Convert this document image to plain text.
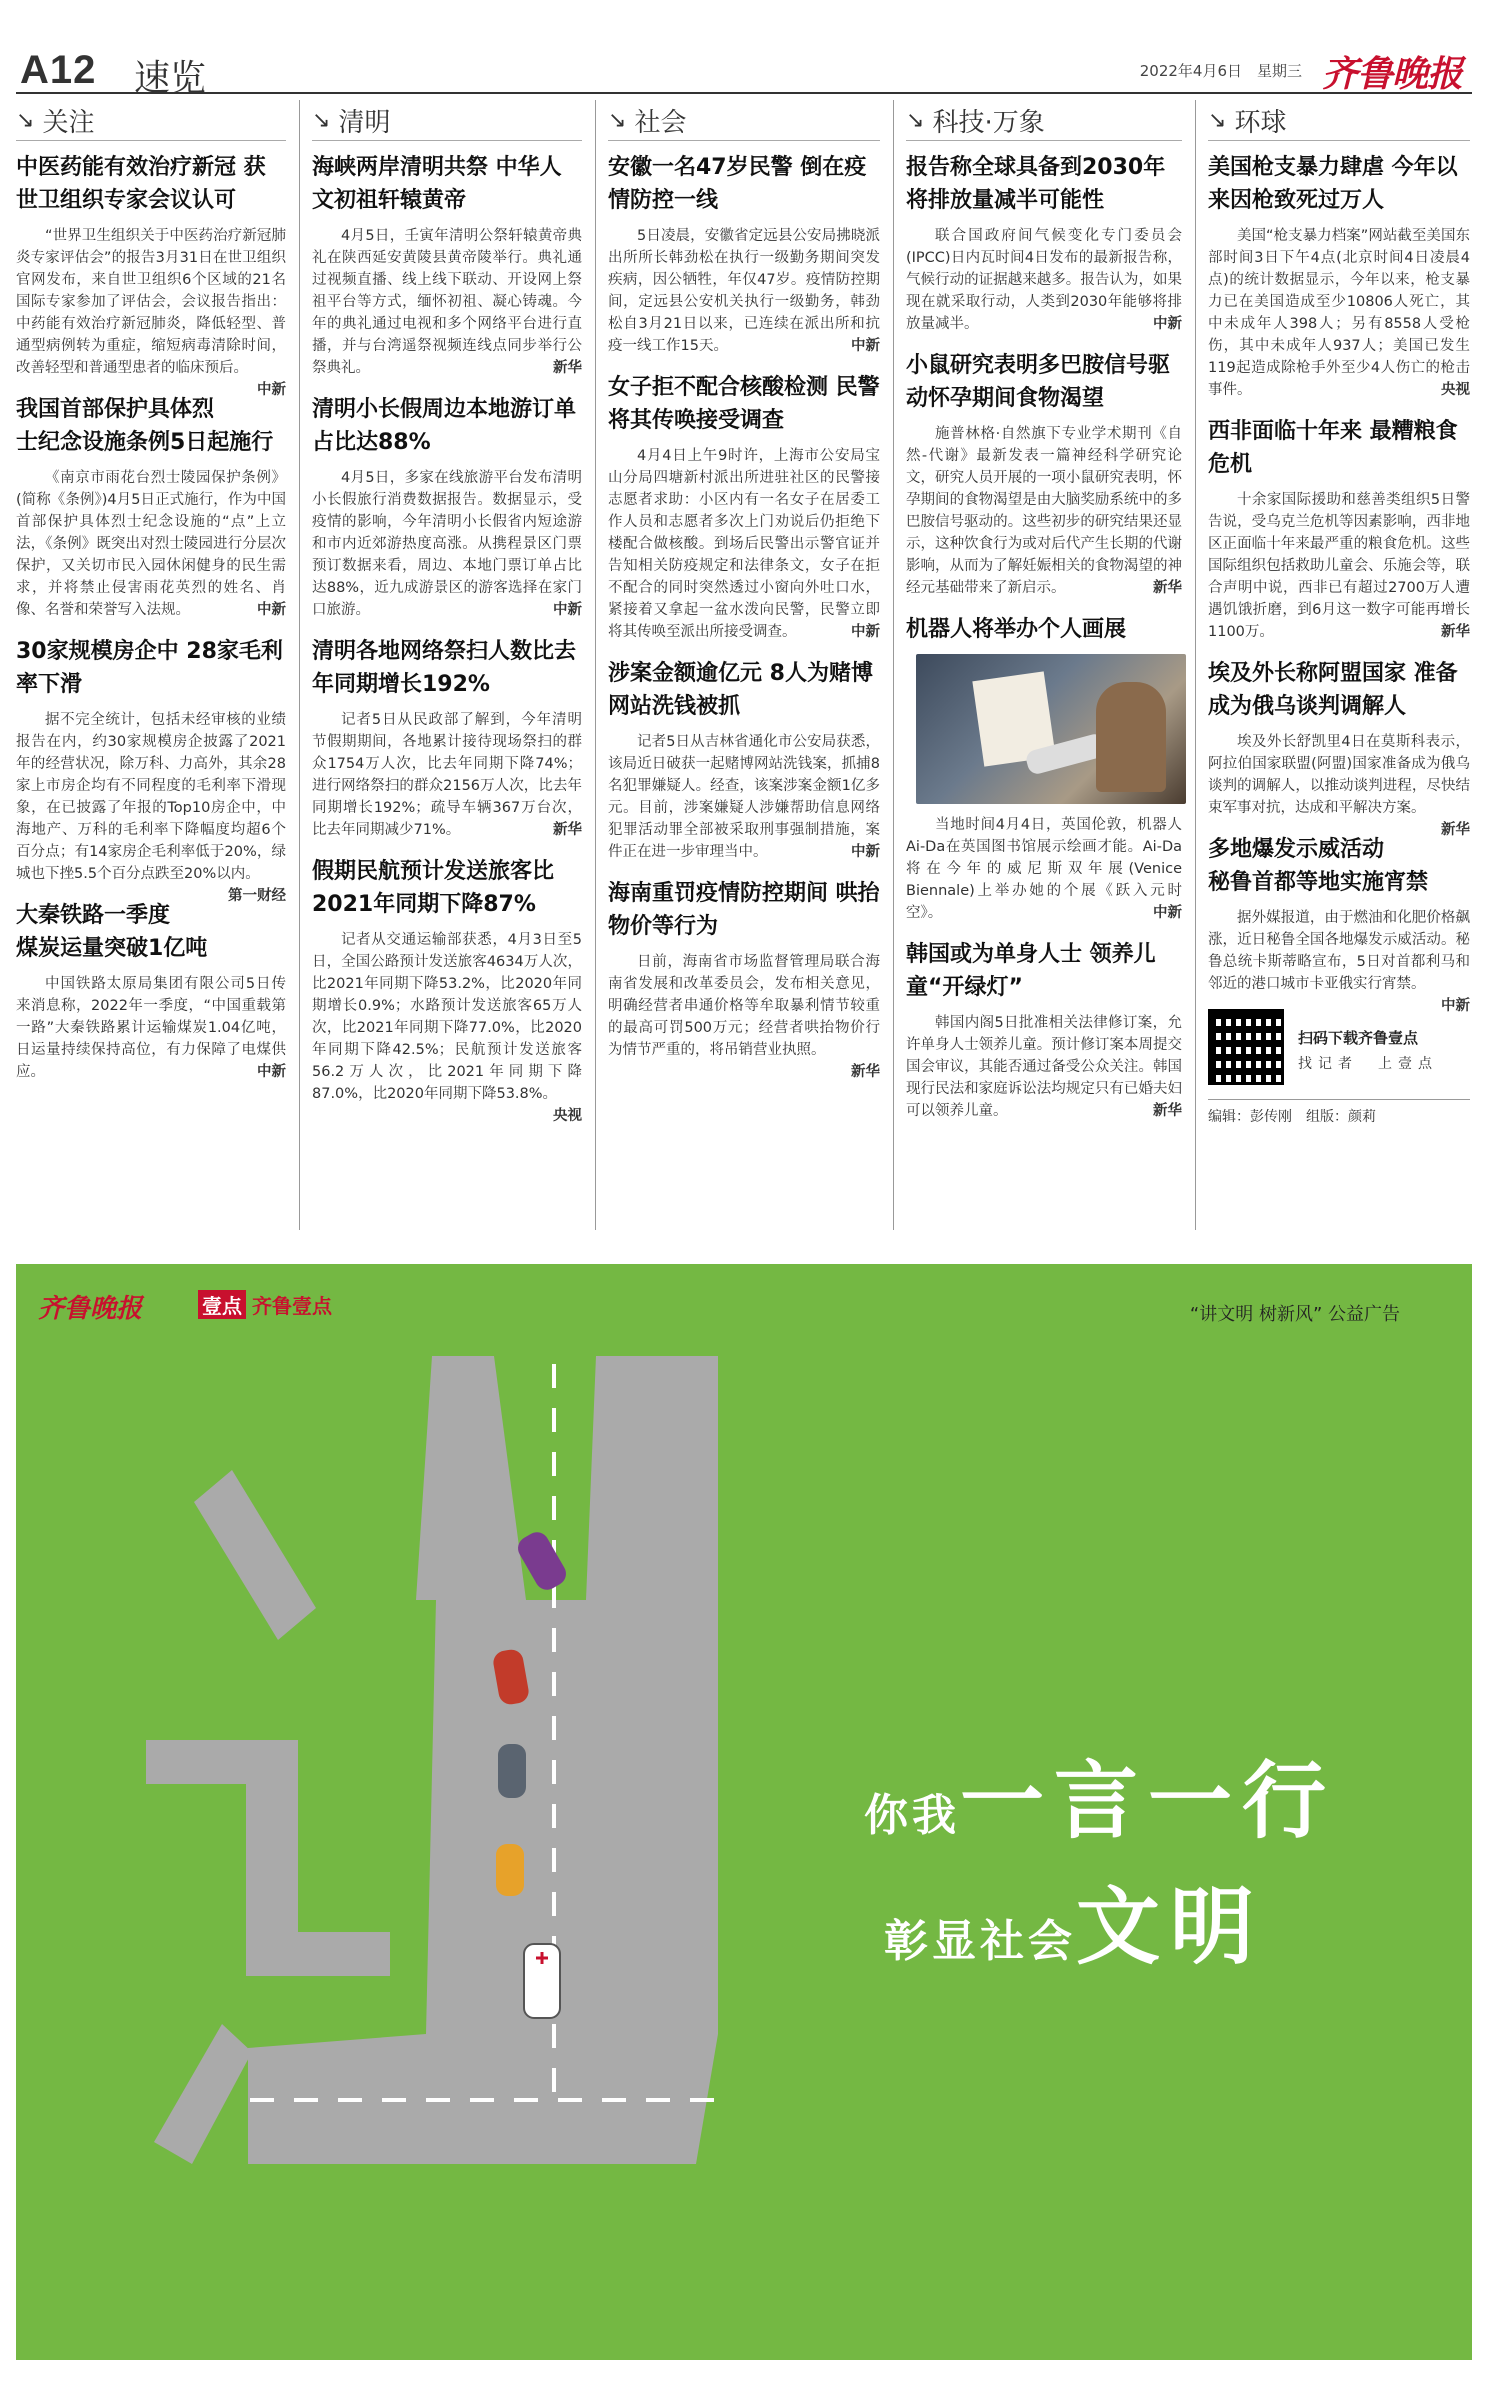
A12 速览	2022年4月6日　星期三 齐鲁晚报
↘ 关注
中医药能有效治疗新冠 获世卫组织专家会议认可

“世界卫生组织关于中医药治疗新冠肺炎专家评估会”的报告3月31日在世卫组织官网发布，来自世卫组织6个区域的21名国际专家参加了评估会，会议报告指出：中药能有效治疗新冠肺炎，降低轻型、普通型病例转为重症，缩短病毒清除时间，改善轻型和普通型患者的临床预后。
中新

我国首部保护具体烈士纪念设施条例5日起施行

《南京市雨花台烈士陵园保护条例》(简称《条例》)4月5日正式施行，作为中国首部保护具体烈士纪念设施的“点”上立法，《条例》既突出对烈士陵园进行分层次保护，又关切市民入园休闲健身的民生需求，并将禁止侵害雨花英烈的姓名、肖像、名誉和荣誉写入法规。	中新

30家规模房企中 28家毛利率下滑

据不完全统计，包括未经审核的业绩报告在内，约30家规模房企披露了2021年的经营状况，除万科、力高外，其余28家上市房企均有不同程度的毛利率下滑现象，在已披露了年报的Top10房企中，中海地产、万科的毛利率下降幅度均超6个百分点；有14家房企毛利率低于20%，绿城也下挫5.5个百分点跌至20%以内。
第一财经

大秦铁路一季度 煤炭运量突破1亿吨

中国铁路太原局集团有限公司5日传来消息称，2022年一季度，“中国重载第一路”大秦铁路累计运输煤炭1.04亿吨，日运量持续保持高位，有力保障了电煤供应。	中新

↘ 清明
海峡两岸清明共祭 中华人文初祖轩辕黄帝

4月5日，壬寅年清明公祭轩辕黄帝典礼在陕西延安黄陵县黄帝陵举行。典礼通过视频直播、线上线下联动、开设网上祭祖平台等方式，缅怀初祖、凝心铸魂。今年的典礼通过电视和多个网络平台进行直播，并与台湾遥祭视频连线点同步举行公祭典礼。	新华

清明小长假周边本地游订单占比达88%

4月5日，多家在线旅游平台发布清明小长假旅行消费数据报告。数据显示，受疫情的影响，今年清明小长假省内短途游和市内近郊游热度高涨。从携程景区门票预订数据来看，周边、本地门票订单占比达88%，近九成游景区的游客选择在家门口旅游。	中新

清明各地网络祭扫人数比去年同期增长192%

记者5日从民政部了解到，今年清明节假期期间，各地累计接待现场祭扫的群众1754万人次，比去年同期下降74%；进行网络祭扫的群众2156万人次，比去年同期增长192%；疏导车辆367万台次，比去年同期减少71%。	新华

假期民航预计发送旅客比2021年同期下降87%

记者从交通运输部获悉，4月3日至5日，全国公路预计发送旅客4634万人次，比2021年同期下降53.2%，比2020年同期增长0.9%；水路预计发送旅客65万人次，比2021年同期下降77.0%，比2020年同期下降42.5%；民航预计发送旅客56.2万人次，比2021年同期下降87.0%，比2020年同期下降53.8%。
央视

↘ 社会
安徽一名47岁民警 倒在疫情防控一线

5日凌晨，安徽省定远县公安局拂晓派出所所长韩劲松在执行一级勤务期间突发疾病，因公牺牲，年仅47岁。疫情防控期间，定远县公安机关执行一级勤务，韩劲松自3月21日以来，已连续在派出所和抗疫一线工作15天。	中新

女子拒不配合核酸检测 民警将其传唤接受调查

4月4日上午9时许，上海市公安局宝山分局四塘新村派出所进驻社区的民警接志愿者求助：小区内有一名女子在居委工作人员和志愿者多次上门劝说后仍拒绝下楼配合做核酸。到场后民警出示警官证并告知相关防疫规定和法律条文，女子在拒不配合的同时突然透过小窗向外吐口水，紧接着又拿起一盆水泼向民警，民警立即将其传唤至派出所接受调查。	中新

涉案金额逾亿元 8人为赌博网站洗钱被抓

记者5日从吉林省通化市公安局获悉，该局近日破获一起赌博网站洗钱案，抓捕8名犯罪嫌疑人。经查，该案涉案金额1亿多元。目前，涉案嫌疑人涉嫌帮助信息网络犯罪活动罪全部被采取刑事强制措施，案件正在进一步审理当中。	中新

海南重罚疫情防控期间 哄抬物价等行为

日前，海南省市场监督管理局联合海南省发展和改革委员会，发布相关意见，明确经营者串通价格等牟取暴利情节较重的最高可罚500万元；经营者哄抬物价行为情节严重的，将吊销营业执照。
新华

↘ 科技·万象
报告称全球具备到2030年将排放量减半可能性

联合国政府间气候变化专门委员会(IPCC)日内瓦时间4日发布的最新报告称，气候行动的证据越来越多。报告认为，如果现在就采取行动，人类到2030年能够将排放量减半。	中新

小鼠研究表明多巴胺信号驱动怀孕期间食物渴望

施普林格·自然旗下专业学术期刊《自然-代谢》最新发表一篇神经科学研究论文，研究人员开展的一项小鼠研究表明，怀孕期间的食物渴望是由大脑奖励系统中的多巴胺信号驱动的。这些初步的研究结果还显示，这种饮食行为或对后代产生长期的代谢影响，从而为了解妊娠相关的食物渴望的神经元基础带来了新启示。	新华

机器人将举办个人画展

当地时间4月4日，英国伦敦，机器人Ai-Da在英国图书馆展示绘画才能。Ai-Da将在今年的威尼斯双年展(Venice Biennale)上举办她的个展《跃入元时空》。	中新

韩国或为单身人士 领养儿童“开绿灯”

韩国内阁5日批准相关法律修订案，允许单身人士领养儿童。预计修订案本周提交国会审议，其能否通过备受公众关注。韩国现行民法和家庭诉讼法均规定只有已婚夫妇可以领养儿童。	新华

↘ 环球
美国枪支暴力肆虐 今年以来因枪致死过万人

美国“枪支暴力档案”网站截至美国东部时间3日下午4点(北京时间4日凌晨4点)的统计数据显示，今年以来，枪支暴力已在美国造成至少10806人死亡，其中未成年人398人；另有8558人受枪伤，其中未成年人937人；美国已发生119起造成除枪手外至少4人伤亡的枪击事件。	央视

西非面临十年来 最糟粮食危机

十余家国际援助和慈善类组织5日警告说，受乌克兰危机等因素影响，西非地区正面临十年来最严重的粮食危机。这些国际组织包括救助儿童会、乐施会等，联合声明中说，西非已有超过2700万人遭遇饥饿折磨，到6月这一数字可能再增长1100万。	新华

埃及外长称阿盟国家 准备成为俄乌谈判调解人

埃及外长舒凯里4日在莫斯科表示，阿拉伯国家联盟(阿盟)国家准备成为俄乌谈判的调解人，以推动谈判进程，尽快结束军事对抗，达成和平解决方案。
新华

多地爆发示威活动 秘鲁首都等地实施宵禁

据外媒报道，由于燃油和化肥价格飙涨，近日秘鲁全国各地爆发示威活动。秘鲁总统卡斯蒂略宣布，5日对首都利马和邻近的港口城市卡亚俄实行宵禁。
中新

扫码下载齐鲁壹点
找记者　上壹点
编辑：彭传刚　组版：颜莉
齐鲁晚报	壹点 齐鲁壹点	“讲文明 树新风” 公益广告
你我一言一行
彰显社会文明
